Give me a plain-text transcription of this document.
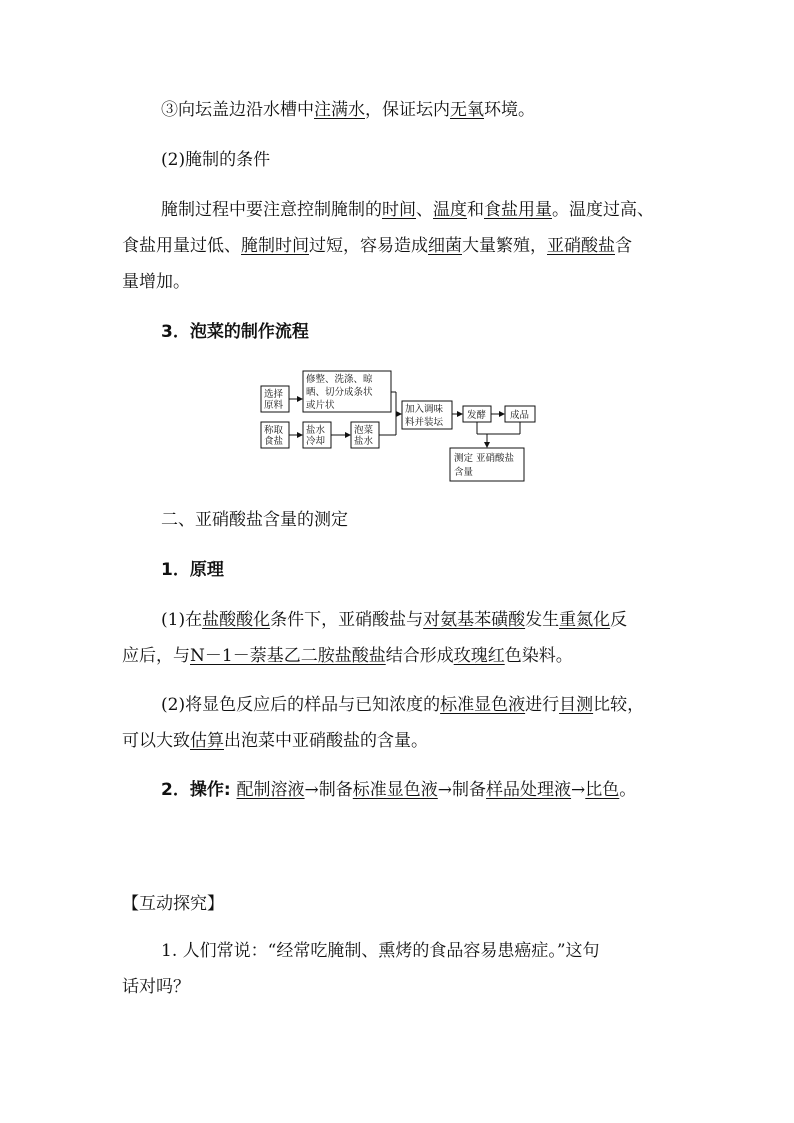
③向坛盖边沿水槽中注满水，保证坛内无氧环境。
(2)腌制的条件
腌制过程中要注意控制腌制的时间、温度和食盐用量。温度过高、
食盐用量过低、腌制时间过短，容易造成细菌大量繁殖，亚硝酸盐含
量增加。
3．泡菜的制作流程
选择
原料
修整、洗涤、晾
晒、切分成条状
或片状
称取
食盐
盐水
冷却
泡菜
盐水
加入调味
料并装坛
发酵	成品
测定 亚硝酸盐
含量
二、亚硝酸盐含量的测定
1．原理
(1)在盐酸酸化条件下，亚硝酸盐与对氨基苯磺酸发生重氮化反
应后，与N－1－萘基乙二胺盐酸盐结合形成玫瑰红色染料。
(2)将显色反应后的样品与已知浓度的标准显色液进行目测比较，
可以大致估算出泡菜中亚硝酸盐的含量。
2．操作: 配制溶液→制备标准显色液→制备样品处理液→比色。
【互动探究】
1. 人们常说：“经常吃腌制、熏烤的食品容易患癌症。”这句
话对吗？
